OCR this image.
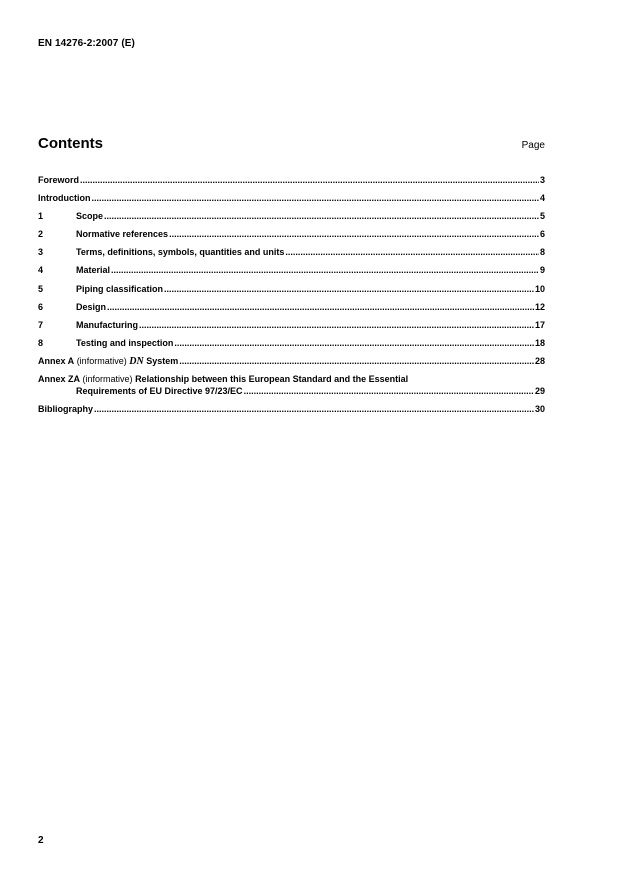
EN 14276-2:2007 (E)
Contents	Page
Foreword .....	3
Introduction .....	4
1	Scope .....	5
2	Normative references .....	6
3	Terms, definitions, symbols, quantities and units .....	8
4	Material .....	9
5	Piping classification .....	10
6	Design .....	12
7	Manufacturing .....	17
8	Testing and inspection .....	18
Annex A (informative) DN System .....	28
Annex ZA (informative) Relationship between this European Standard and the Essential
Requirements of EU Directive 97/23/EC .....	29
Bibliography .....	30
2
